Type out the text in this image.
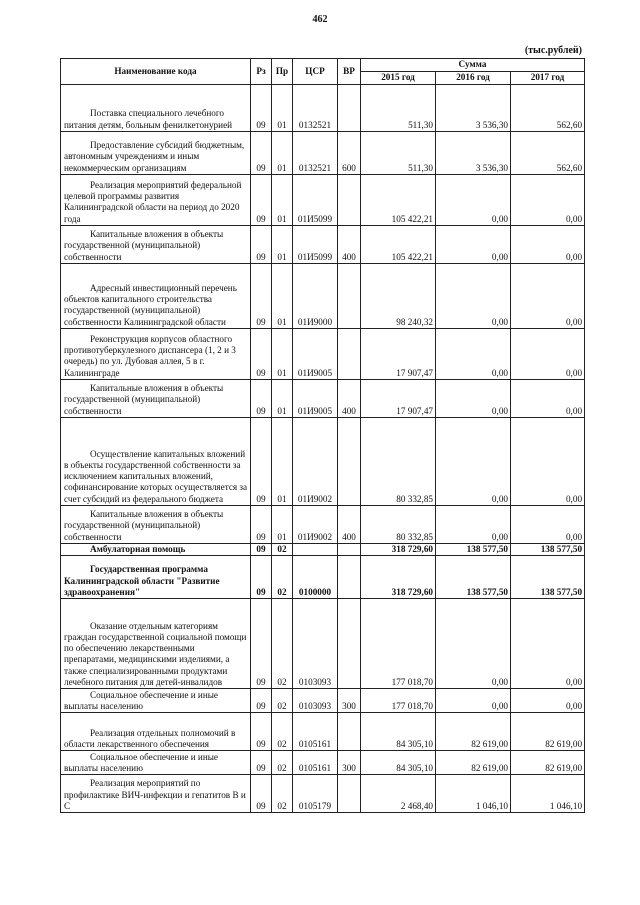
462
(тыс.рублей)
Наименование кода	Рз	Пр	ЦСР	ВР	Сумма		
					2015 год	2016 год	2017 год

Поставка специального лечебного питания детям, больным фенилкетонурией	09	01	0132521		511,30	3 536,30	562,60

Предоставление субсидий бюджетным, автономным учреждениям и иным некоммерческим организациям	09	01	0132521	600	511,30	3 536,30	562,60

Реализация мероприятий федеральной целевой программы развития Калининградской области на период до 2020 года	09	01	01И5099		105 422,21	0,00	0,00

Капитальные вложения в объекты государственной (муниципальной) собственности	09	01	01И5099	400	105 422,21	0,00	0,00

Адресный инвестиционный перечень объектов капитального строительства государственной (муниципальной) собственности Калининградской области	09	01	01И9000		98 240,32	0,00	0,00

Реконструкция корпусов областного противотуберкулезного диспансера (1, 2 и 3 очередь) по ул. Дубовая аллея, 5 в г. Калининграде	09	01	01И9005		17 907,47	0,00	0,00

Капитальные вложения в объекты государственной (муниципальной) собственности	09	01	01И9005	400	17 907,47	0,00	0,00

Осуществление капитальных вложений в объекты государственной собственности за исключением капитальных вложений, софинансирование которых осуществляется за счет субсидий из федерального бюджета	09	01	01И9002		80 332,85	0,00	0,00

Капитальные вложения в объекты государственной (муниципальной) собственности	09	01	01И9002	400	80 332,85	0,00	0,00

Амбулаторная помощь	09	02			318 729,60	138 577,50	138 577,50

Государственная программа Калининградской области "Развитие здравоохранения"	09	02	0100000		318 729,60	138 577,50	138 577,50

Оказание отдельным категориям граждан государственной социальной помощи по обеспечению лекарственными препаратами, медицинскими изделиями, а также специализированными продуктами лечебного питания для детей-инвалидов	09	02	0103093		177 018,70	0,00	0,00

Социальное обеспечение и иные выплаты населению	09	02	0103093	300	177 018,70	0,00	0,00

Реализация отдельных полномочий в области лекарственного обеспечения	09	02	0105161		84 305,10	82 619,00	82 619,00

Социальное обеспечение и иные выплаты населению	09	02	0105161	300	84 305,10	82 619,00	82 619,00

Реализация мероприятий по профилактике ВИЧ-инфекции и гепатитов В и С	09	02	0105179		2 468,40	1 046,10	1 046,10
